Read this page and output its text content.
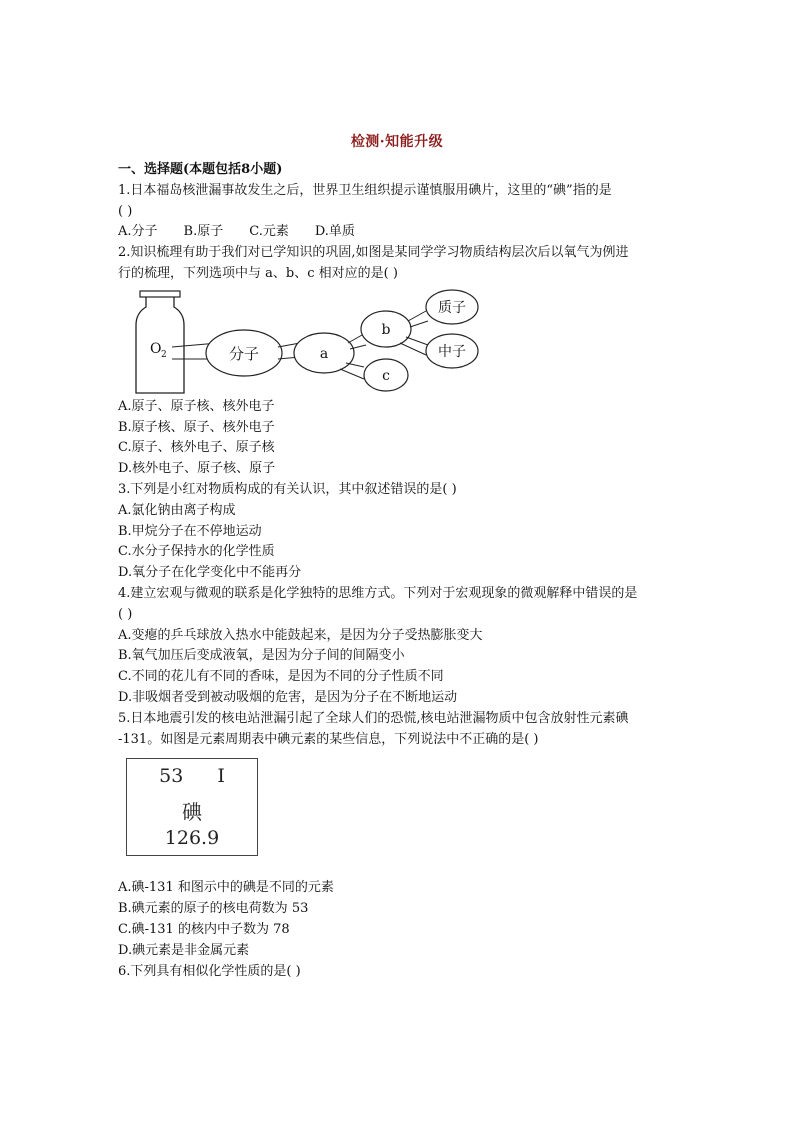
检测·知能升级
一、选择题(本题包括8小题)
1.日本福岛核泄漏事故发生之后，世界卫生组织提示谨慎服用碘片，这里的“碘”指的是
( )
A.分子 B.原子 C.元素 D.单质
2.知识梳理有助于我们对已学知识的巩固,如图是某同学学习物质结构层次后以氧气为例进
行的梳理，下列选项中与 a、b、c 相对应的是( )
O 2	分子	a
b
c
质子
中子
A.原子、原子核、核外电子
B.原子核、原子、核外电子
C.原子、核外电子、原子核
D.核外电子、原子核、原子
3.下列是小红对物质构成的有关认识，其中叙述错误的是( )
A.氯化钠由离子构成
B.甲烷分子在不停地运动
C.水分子保持水的化学性质
D.氧分子在化学变化中不能再分
4.建立宏观与微观的联系是化学独特的思维方式。下列对于宏观现象的微观解释中错误的是
( )
A.变瘪的乒乓球放入热水中能鼓起来，是因为分子受热膨胀变大
B.氧气加压后变成液氧，是因为分子间的间隔变小
C.不同的花儿有不同的香味，是因为不同的分子性质不同
D.非吸烟者受到被动吸烟的危害，是因为分子在不断地运动
5.日本地震引发的核电站泄漏引起了全球人们的恐慌,核电站泄漏物质中包含放射性元素碘
-131。如图是元素周期表中碘元素的某些信息，下列说法中不正确的是( )
53 I
碘
126.9
A.碘-131 和图示中的碘是不同的元素
B.碘元素的原子的核电荷数为 53
C.碘-131 的核内中子数为 78
D.碘元素是非金属元素
6.下列具有相似化学性质的是( )
